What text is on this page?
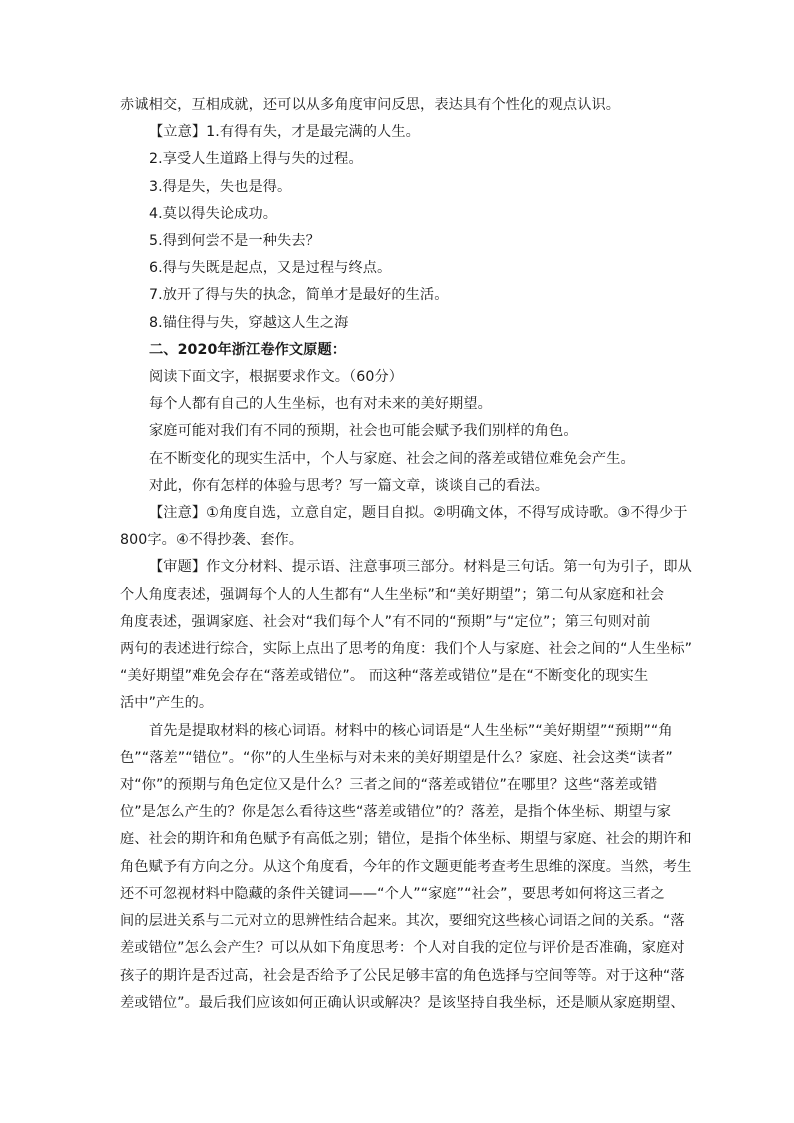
赤诚相交，互相成就，还可以从多角度审问反思，表达具有个性化的观点认识。
【立意】1.有得有失，才是最完满的人生。
2.享受人生道路上得与失的过程。
3.得是失，失也是得。
4.莫以得失论成功。
5.得到何尝不是一种失去？
6.得与失既是起点，又是过程与终点。
7.放开了得与失的执念，简单才是最好的生活。
8.锚住得与失，穿越这人生之海
二、2020年浙江卷作文原题：
阅读下面文字，根据要求作文。（60分）
每个人都有自己的人生坐标，也有对未来的美好期望。
家庭可能对我们有不同的预期，社会也可能会赋予我们别样的角色。
在不断变化的现实生活中，个人与家庭、社会之间的落差或错位难免会产生。
对此，你有怎样的体验与思考？写一篇文章，谈谈自己的看法。
【注意】①角度自选，立意自定，题目自拟。②明确文体，不得写成诗歌。③不得少于
800字。④不得抄袭、套作。
【审题】作文分材料、提示语、注意事项三部分。材料是三句话。第一句为引子，即从
个人角度表述，强调每个人的人生都有“人生坐标”和“美好期望”；第二句从家庭和社会
角度表述，强调家庭、社会对“我们每个人”有不同的“预期”与“定位”；第三句则对前
两句的表述进行综合，实际上点出了思考的角度：我们个人与家庭、社会之间的“人生坐标”
“美好期望”难免会存在“落差或错位”。 而这种“落差或错位”是在“不断变化的现实生
活中”产生的。
首先是提取材料的核心词语。材料中的核心词语是“人生坐标”“美好期望”“预期”“角
色”“落差”“错位”。“你”的人生坐标与对未来的美好期望是什么？家庭、社会这类“读者”
对“你”的预期与角色定位又是什么？三者之间的“落差或错位”在哪里？这些“落差或错
位”是怎么产生的？你是怎么看待这些“落差或错位”的？落差，是指个体坐标、期望与家
庭、社会的期许和角色赋予有高低之别；错位，是指个体坐标、期望与家庭、社会的期许和
角色赋予有方向之分。从这个角度看，今年的作文题更能考查考生思维的深度。当然，考生
还不可忽视材料中隐藏的条件关键词——“个人”“家庭”“社会”，要思考如何将这三者之
间的层进关系与二元对立的思辨性结合起来。其次，要细究这些核心词语之间的关系。“落
差或错位”怎么会产生？可以从如下角度思考：个人对自我的定位与评价是否准确，家庭对
孩子的期许是否过高，社会是否给予了公民足够丰富的角色选择与空间等等。对于这种“落
差或错位”。最后我们应该如何正确认识或解决？是该坚持自我坐标，还是顺从家庭期望、
